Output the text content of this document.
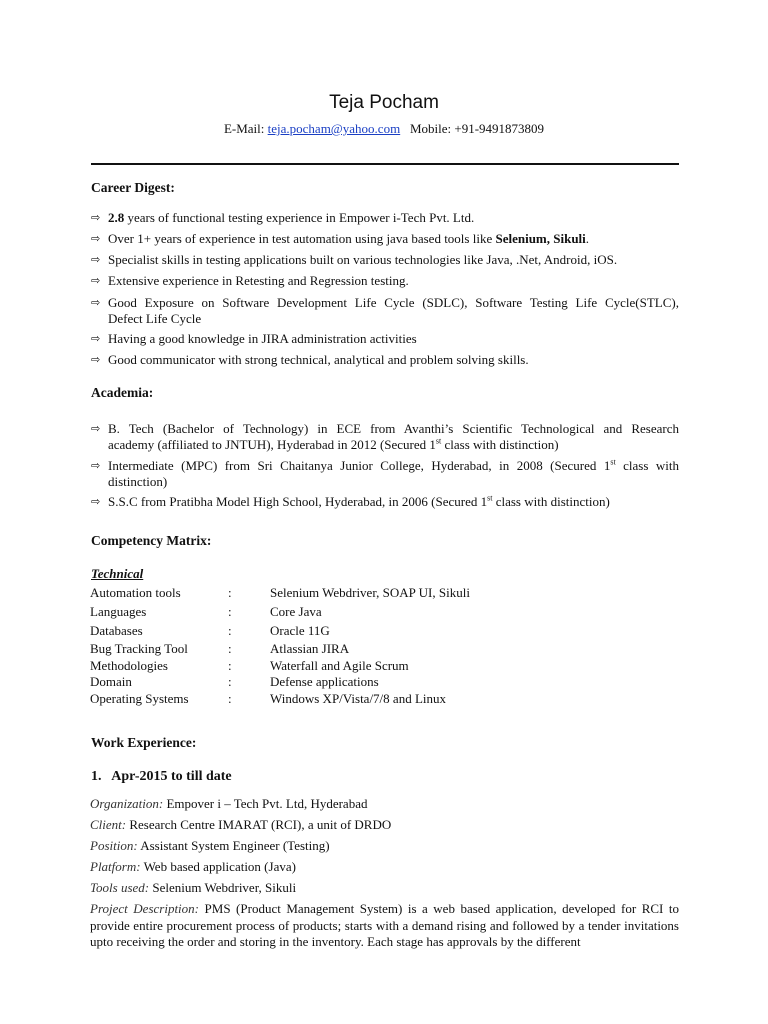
Teja Pocham
E-Mail: teja.pocham@yahoo.com Mobile: +91-9491873809
Career Digest:
⇨ 2.8 years of functional testing experience in Empower i-Tech Pvt. Ltd.
⇨ Over 1+ years of experience in test automation using java based tools like Selenium, Sikuli.
⇨ Specialist skills in testing applications built on various technologies like Java, .Net, Android, iOS.
⇨ Extensive experience in Retesting and Regression testing.
⇨ Good Exposure on Software Development Life Cycle (SDLC), Software Testing Life Cycle(STLC),
Defect Life Cycle
⇨ Having a good knowledge in JIRA administration activities
⇨ Good communicator with strong technical, analytical and problem solving skills.
Academia:
⇨ B. Tech (Bachelor of Technology) in ECE from Avanthi’s Scientific Technological and Research
academy (affiliated to JNTUH), Hyderabad in 2012 (Secured 1st class with distinction)
⇨ Intermediate (MPC) from Sri Chaitanya Junior College, Hyderabad, in 2008 (Secured 1st class with
distinction)
⇨ S.S.C from Pratibha Model High School, Hyderabad, in 2006 (Secured 1st class with distinction)
Competency Matrix:
Technical
Automation tools	:	Selenium Webdriver, SOAP UI, Sikuli
Languages	:	Core Java
Databases	:	Oracle 11G
Bug Tracking Tool	:	Atlassian JIRA
Methodologies	:	Waterfall and Agile Scrum
Domain	:	Defense applications
Operating Systems	:	Windows XP/Vista/7/8 and Linux
Work Experience:
1. Apr-2015 to till date
Organization: Empover i – Tech Pvt. Ltd, Hyderabad
Client: Research Centre IMARAT (RCI), a unit of DRDO
Position: Assistant System Engineer (Testing)
Platform: Web based application (Java)
Tools used: Selenium Webdriver, Sikuli
Project Description: PMS (Product Management System) is a web based application, developed for RCI to provide entire procurement process of products; starts with a demand rising and followed by a tender invitations upto receiving the order and storing in the inventory. Each stage has approvals by the different
